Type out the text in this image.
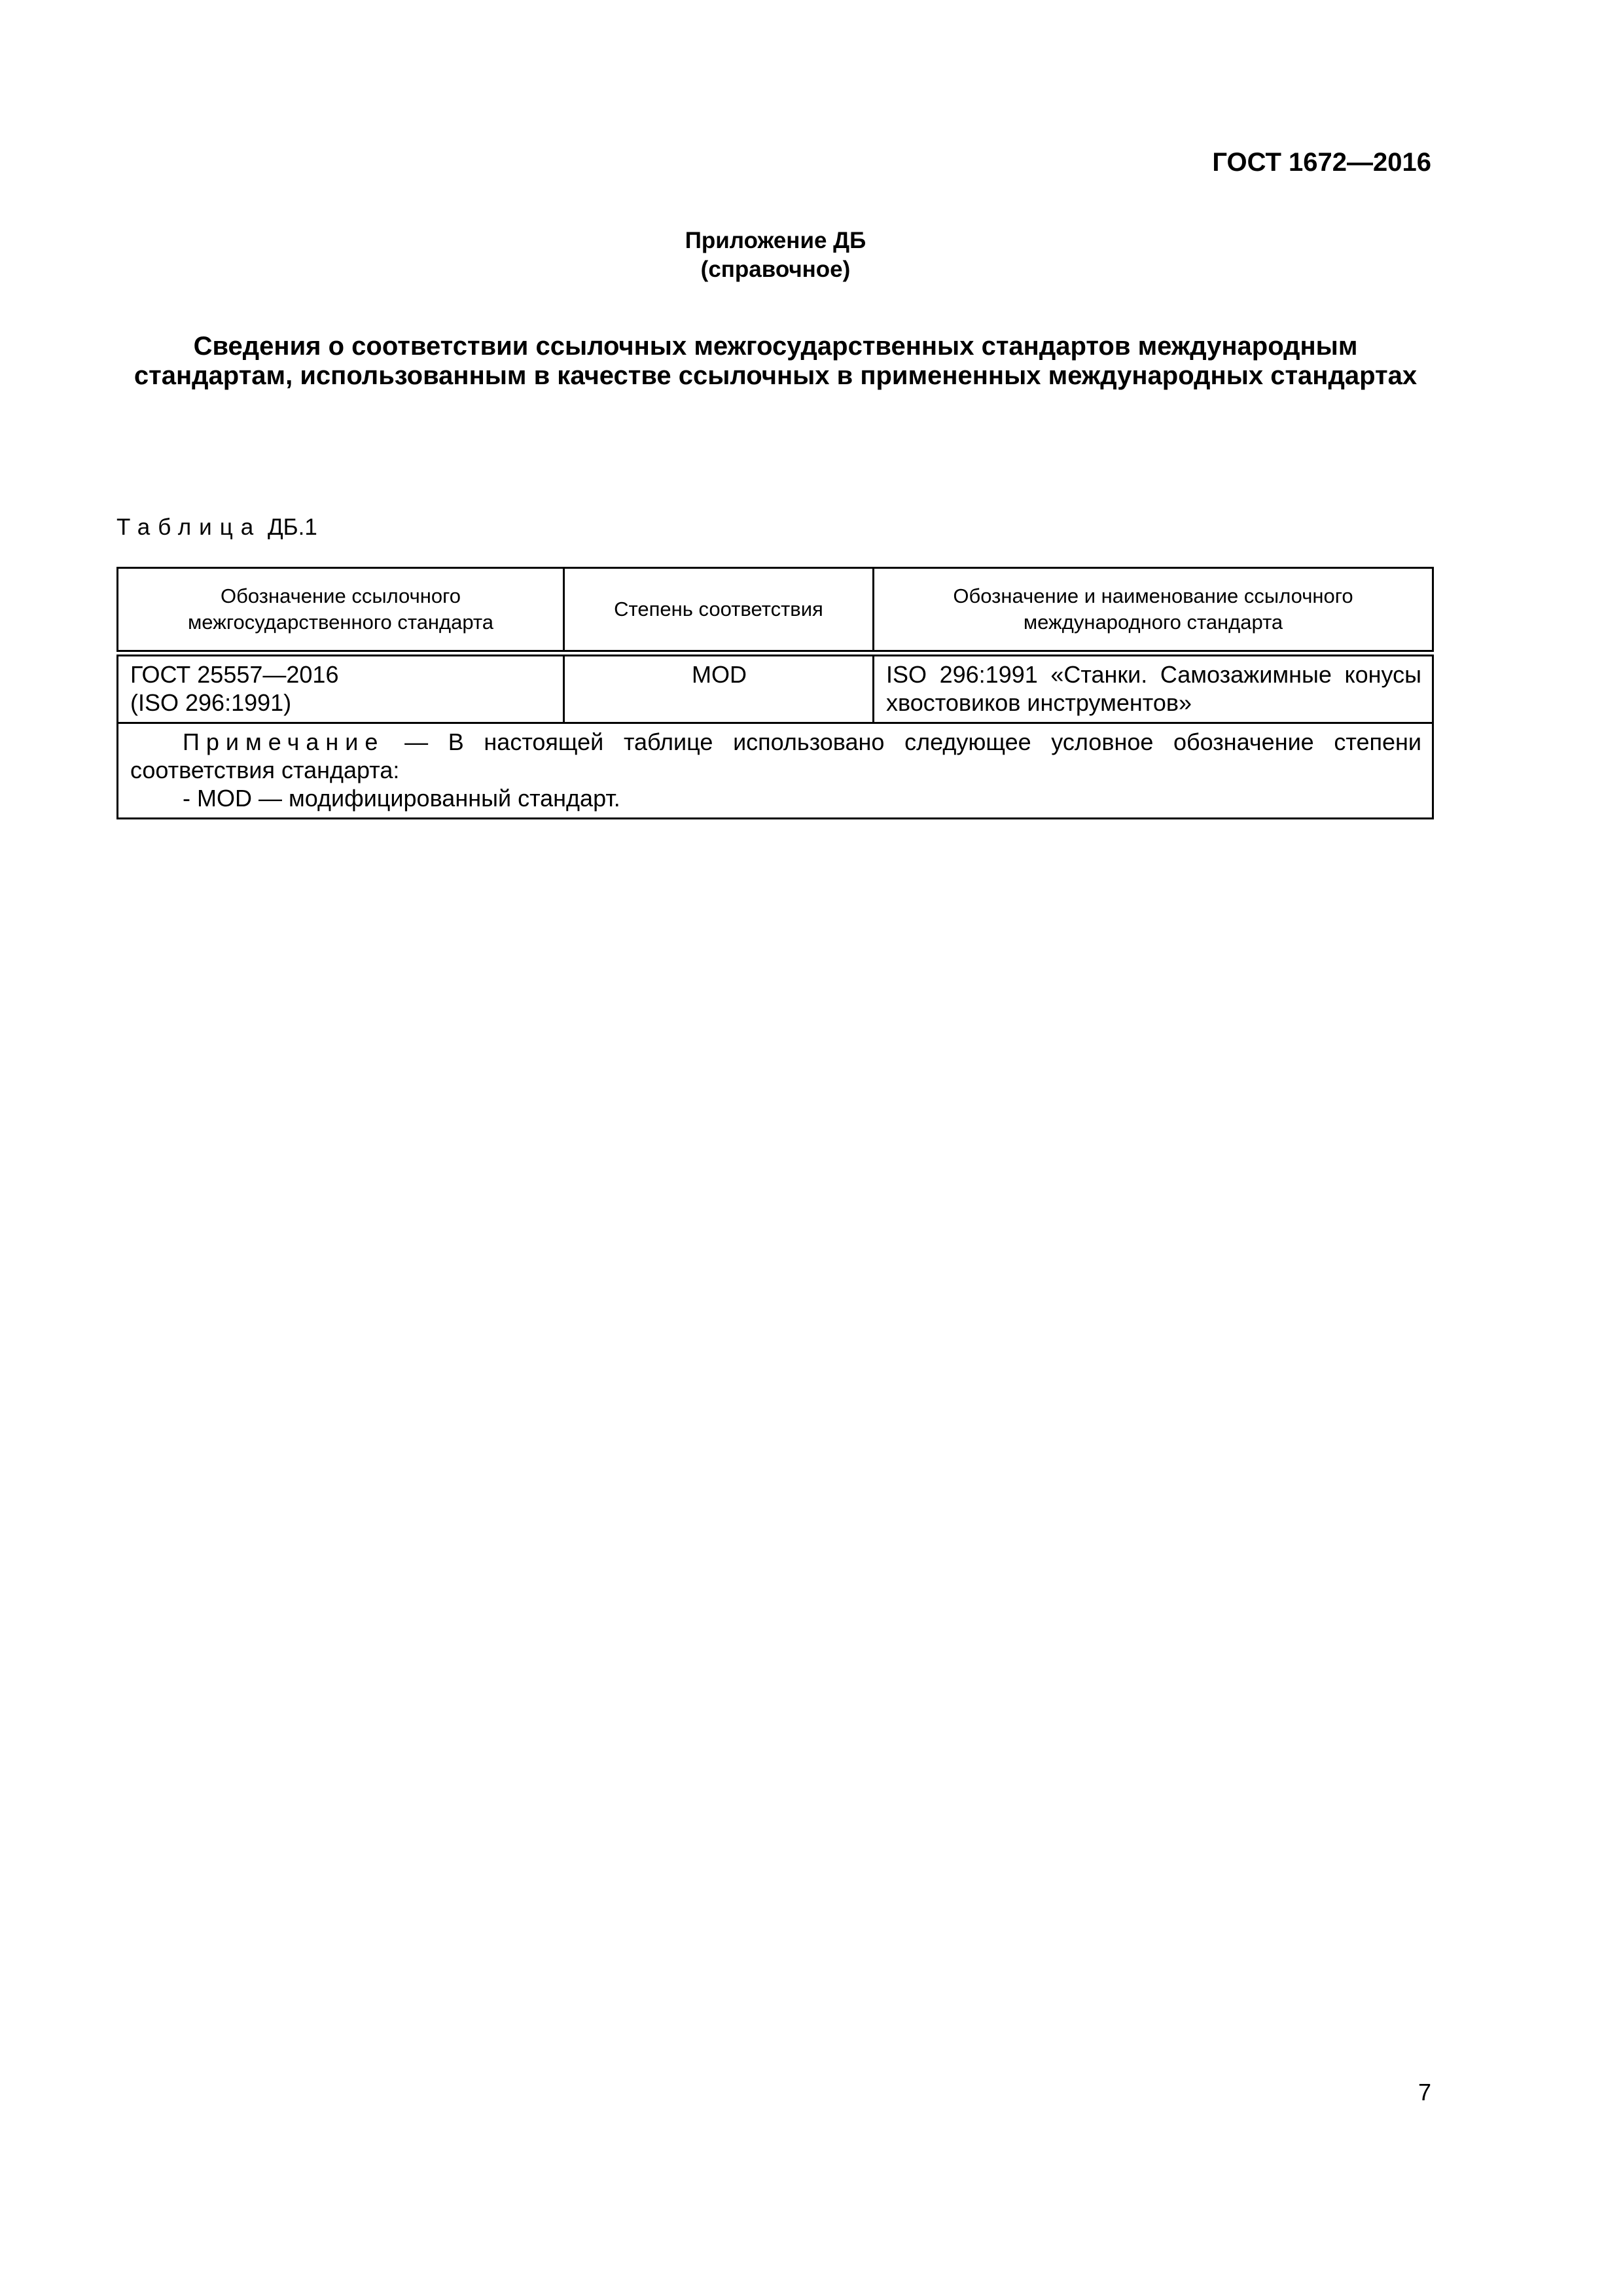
ГОСТ 1672—2016
Приложение ДБ
(справочное)
Сведения о соответствии ссылочных межгосударственных стандартов международным стандартам, использованным в качестве ссылочных в примененных международных стандартах
Таблица ДБ.1
Обозначение ссылочного межгосударственного стандарта	Степень соответствия	Обозначение и наименование ссылочного международного стандарта

ГОСТ 25557—2016
(ISO 296:1991)	MOD	ISO 296:1991 «Станки. Самозажимные конусы хвостовиков инструментов»

Примечание — В настоящей таблице использовано следующее условное обозначение степени соответствия стандарта:
- MOD — модифицированный стандарт.		
7
